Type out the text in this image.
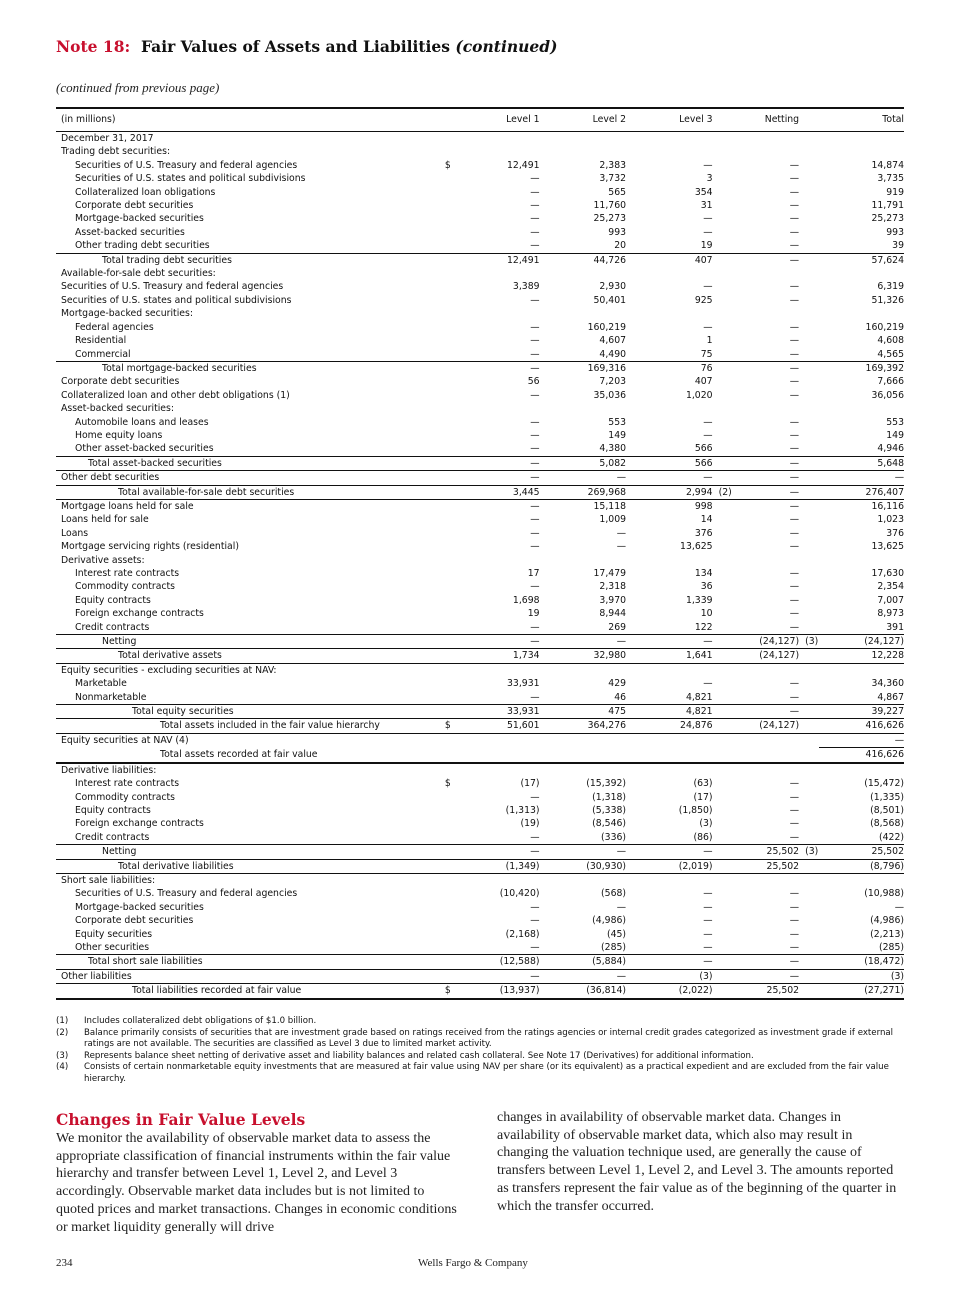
Note 18: Fair Values of Assets and Liabilities (continued)
(continued from previous page)
(in millions)		Level 1		Level 2		Level 3		Netting		Total
December 31, 2017										
Trading debt securities:										
Securities of U.S. Treasury and federal agencies	$	12,491		2,383		—		—		14,874
Securities of U.S. states and political subdivisions		—		3,732		3		—		3,735
Collateralized loan obligations		—		565		354		—		919
Corporate debt securities		—		11,760		31		—		11,791
Mortgage-backed securities		—		25,273		—		—		25,273
Asset-backed securities		—		993		—		—		993
Other trading debt securities		—		20		19		—		39
Total trading debt securities		12,491		44,726		407		—		57,624
Available-for-sale debt securities:										
Securities of U.S. Treasury and federal agencies		3,389		2,930		—		—		6,319
Securities of U.S. states and political subdivisions		—		50,401		925		—		51,326
Mortgage-backed securities:										
Federal agencies		—		160,219		—		—		160,219
Residential		—		4,607		1		—		4,608
Commercial		—		4,490		75		—		4,565
Total mortgage-backed securities		—		169,316		76		—		169,392
Corporate debt securities		56		7,203		407		—		7,666
Collateralized loan and other debt obligations (1)		—		35,036		1,020		—		36,056
Asset-backed securities:										
Automobile loans and leases		—		553		—		—		553
Home equity loans		—		149		—		—		149
Other asset-backed securities		—		4,380		566		—		4,946
Total asset-backed securities		—		5,082		566		—		5,648
Other debt securities		—		—		—		—		—
Total available-for-sale debt securities		3,445		269,968		2,994	(2)	—		276,407
Mortgage loans held for sale		—		15,118		998		—		16,116
Loans held for sale		—		1,009		14		—		1,023
Loans		—		—		376		—		376
Mortgage servicing rights (residential)		—		—		13,625		—		13,625
Derivative assets:										
Interest rate contracts		17		17,479		134		—		17,630
Commodity contracts		—		2,318		36		—		2,354
Equity contracts		1,698		3,970		1,339		—		7,007
Foreign exchange contracts		19		8,944		10		—		8,973
Credit contracts		—		269		122		—		391
Netting		—		—		—		(24,127)	(3)	(24,127)
Total derivative assets		1,734		32,980		1,641		(24,127)		12,228
Equity securities - excluding securities at NAV:										
Marketable		33,931		429		—		—		34,360
Nonmarketable		—		46		4,821		—		4,867
Total equity securities		33,931		475		4,821		—		39,227
Total assets included in the fair value hierarchy	$	51,601		364,276		24,876		(24,127)		416,626
Equity securities at NAV (4)										—
Total assets recorded at fair value										416,626
Derivative liabilities:										
Interest rate contracts	$	(17)		(15,392)		(63)		—		(15,472)
Commodity contracts		—		(1,318)		(17)		—		(1,335)
Equity contracts		(1,313)		(5,338)		(1,850)		—		(8,501)
Foreign exchange contracts		(19)		(8,546)		(3)		—		(8,568)
Credit contracts		—		(336)		(86)		—		(422)
Netting		—		—		—		25,502	(3)	25,502
Total derivative liabilities		(1,349)		(30,930)		(2,019)		25,502		(8,796)
Short sale liabilities:										
Securities of U.S. Treasury and federal agencies		(10,420)		(568)		—		—		(10,988)
Mortgage-backed securities		—		—		—		—		—
Corporate debt securities		—		(4,986)		—		—		(4,986)
Equity securities		(2,168)		(45)		—		—		(2,213)
Other securities		—		(285)		—		—		(285)
Total short sale liabilities		(12,588)		(5,884)		—		—		(18,472)
Other liabilities		—		—		(3)		—		(3)
Total liabilities recorded at fair value	$	(13,937)		(36,814)		(2,022)		25,502		(27,271)
(1)	Includes collateralized debt obligations of $1.0 billion.
(2)	Balance primarily consists of securities that are investment grade based on ratings received from the ratings agencies or internal credit grades categorized as investment grade if external ratings are not available. The securities are classified as Level 3 due to limited market activity.
(3)	Represents balance sheet netting of derivative asset and liability balances and related cash collateral. See Note 17 (Derivatives) for additional information.
(4)	Consists of certain nonmarketable equity investments that are measured at fair value using NAV per share (or its equivalent) as a practical expedient and are excluded from the fair value hierarchy.
Changes in Fair Value Levels
We monitor the availability of observable market data to assess the appropriate classification of financial instruments within the fair value hierarchy and transfer between Level 1, Level 2, and Level 3 accordingly. Observable market data includes but is not limited to quoted prices and market transactions. Changes in economic conditions or market liquidity generally will drive
changes in availability of observable market data. Changes in availability of observable market data, which also may result in changing the valuation technique used, are generally the cause of transfers between Level 1, Level 2, and Level 3. The amounts reported as transfers represent the fair value as of the beginning of the quarter in which the transfer occurred.
234	Wells Fargo & Company
